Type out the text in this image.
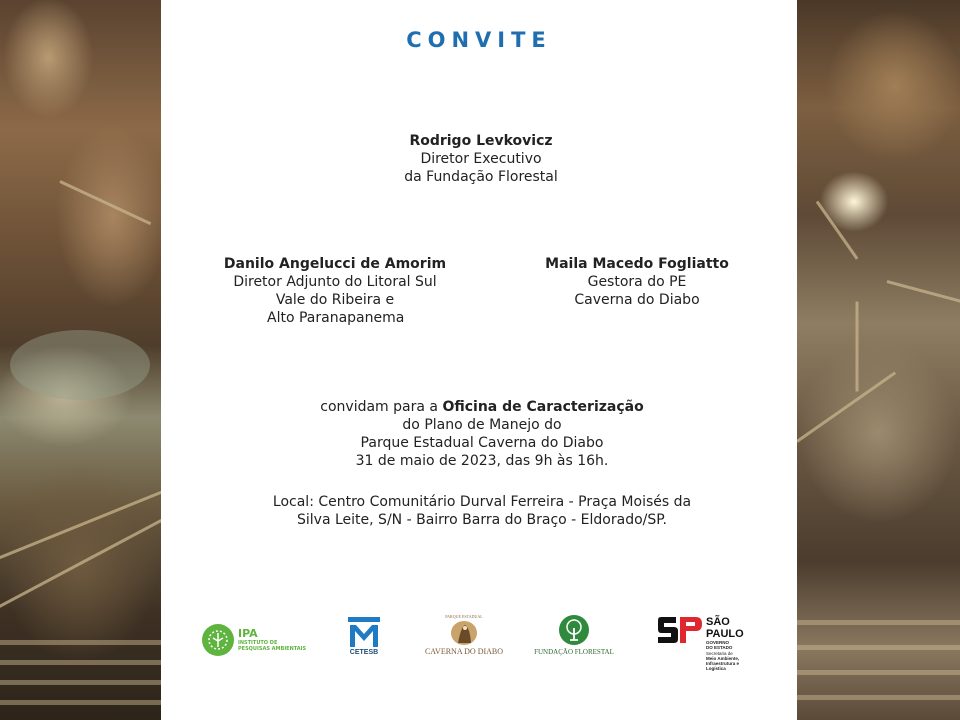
CONVITE
Rodrigo Levkovicz
Diretor Executivo
da Fundação Florestal
Danilo Angelucci de Amorim
Diretor Adjunto do Litoral Sul
Vale do Ribeira e
Alto Paranapanema
Maila Macedo Fogliatto
Gestora do PE
Caverna do Diabo
convidam para a Oficina de Caracterização
do Plano de Manejo do
Parque Estadual Caverna do Diabo
31 de maio de 2023, das 9h às 16h.
Local: Centro Comunitário Durval Ferreira - Praça Moisés da
Silva Leite, S/N - Bairro Barra do Braço - Eldorado/SP.
IPA
INSTITUTO DE
PESQUISAS AMBIENTAIS	CETESB
PARQUE ESTADUAL
CAVERNA DO DIABO	FUNDAÇÃO FLORESTAL
SÃO
PAULO
GOVERNO
DO ESTADO
Secretaria de
Meio Ambiente,
Infraestrutura e
Logística
